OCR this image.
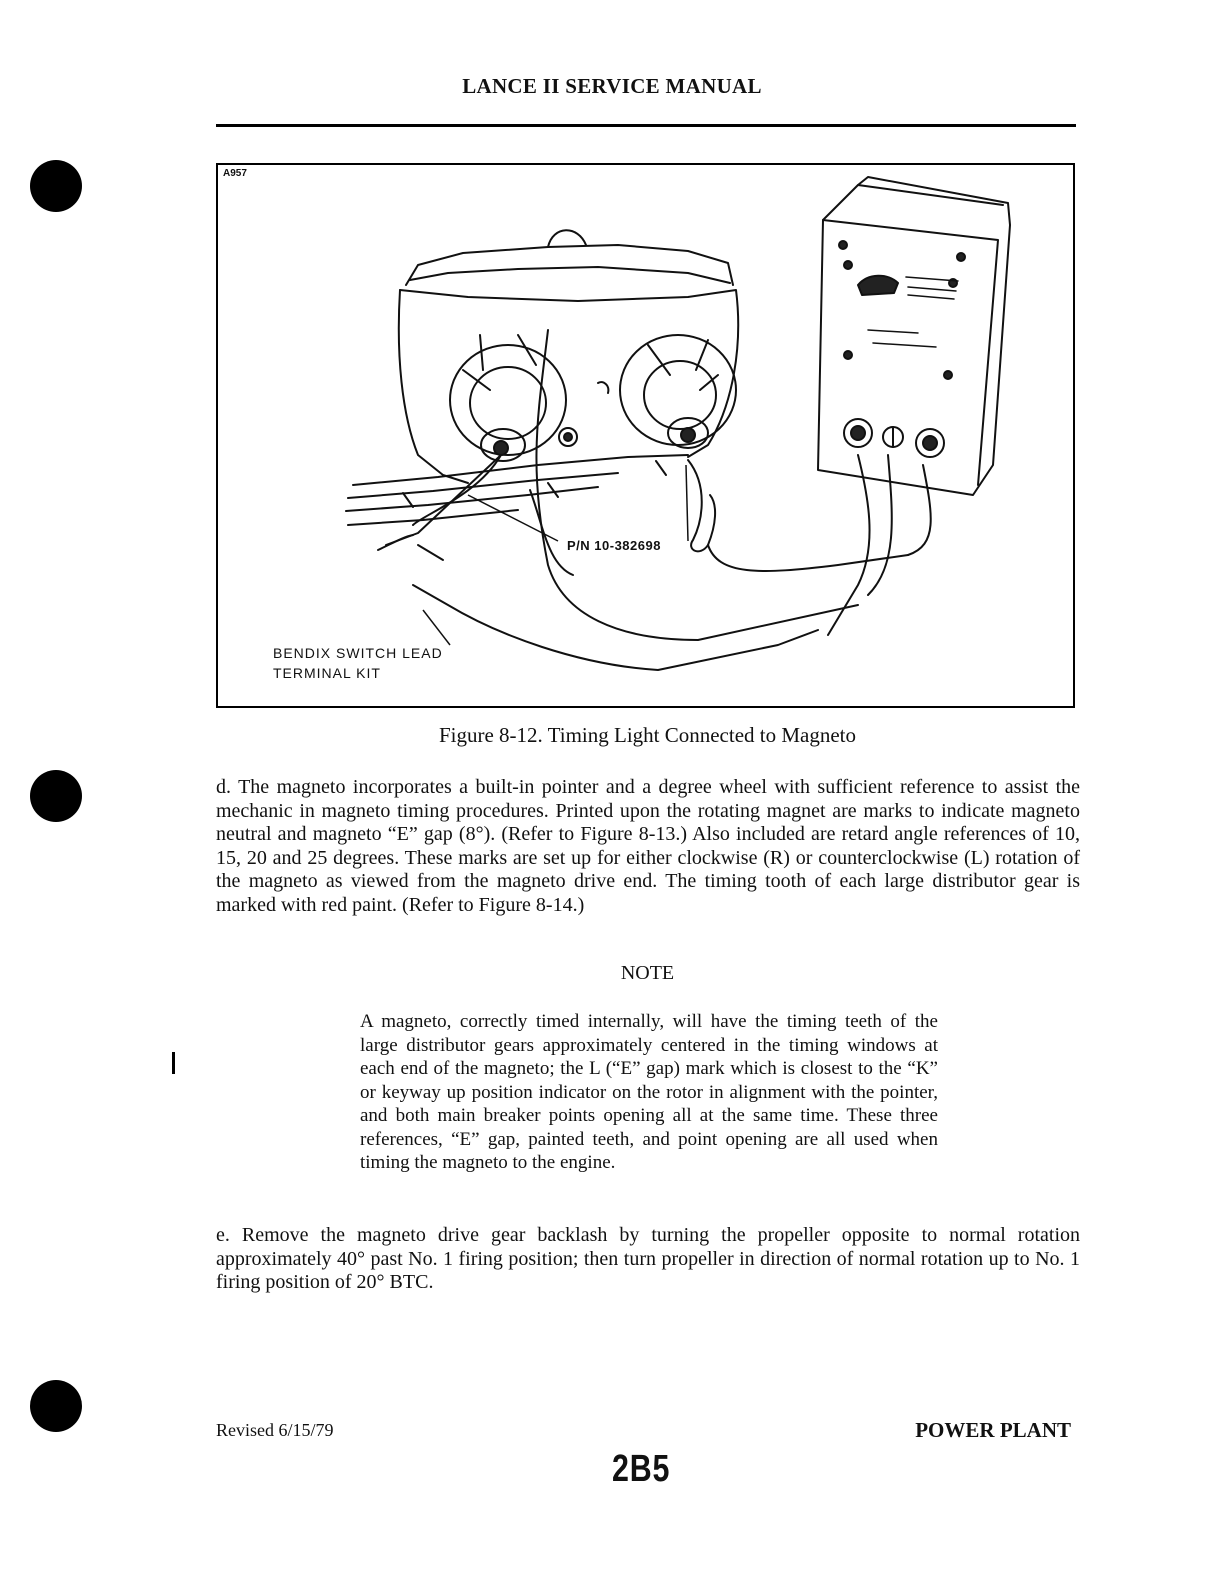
LANCE II SERVICE MANUAL
A957
P/N 10-382698
BENDIX SWITCH LEAD
TERMINAL KIT
Figure 8-12. Timing Light Connected to Magneto

d. The magneto incorporates a built-in pointer and a degree wheel with sufficient reference to assist the mechanic in magneto timing procedures. Printed upon the rotating magnet are marks to indicate magneto neutral and magneto “E” gap (8°). (Refer to Figure 8-13.) Also included are retard angle references of 10, 15, 20 and 25 degrees. These marks are set up for either clockwise (R) or counterclockwise (L) rotation of the magneto as viewed from the magneto drive end. The timing tooth of each large distributor gear is marked with red paint. (Refer to Figure 8-14.)

NOTE

A magneto, correctly timed internally, will have the timing teeth of the large distributor gears approximately centered in the timing windows at each end of the magneto; the L (“E” gap) mark which is closest to the “K” or keyway up position indicator on the rotor in alignment with the pointer, and both main breaker points opening all at the same time. These three references, “E” gap, painted teeth, and point opening are all used when timing the magneto to the engine.

e. Remove the magneto drive gear backlash by turning the propeller opposite to normal rotation approximately 40° past No. 1 firing position; then turn propeller in direction of normal rotation up to No. 1 firing position of 20° BTC.

Revised 6/15/79	POWER PLANT
2B5
